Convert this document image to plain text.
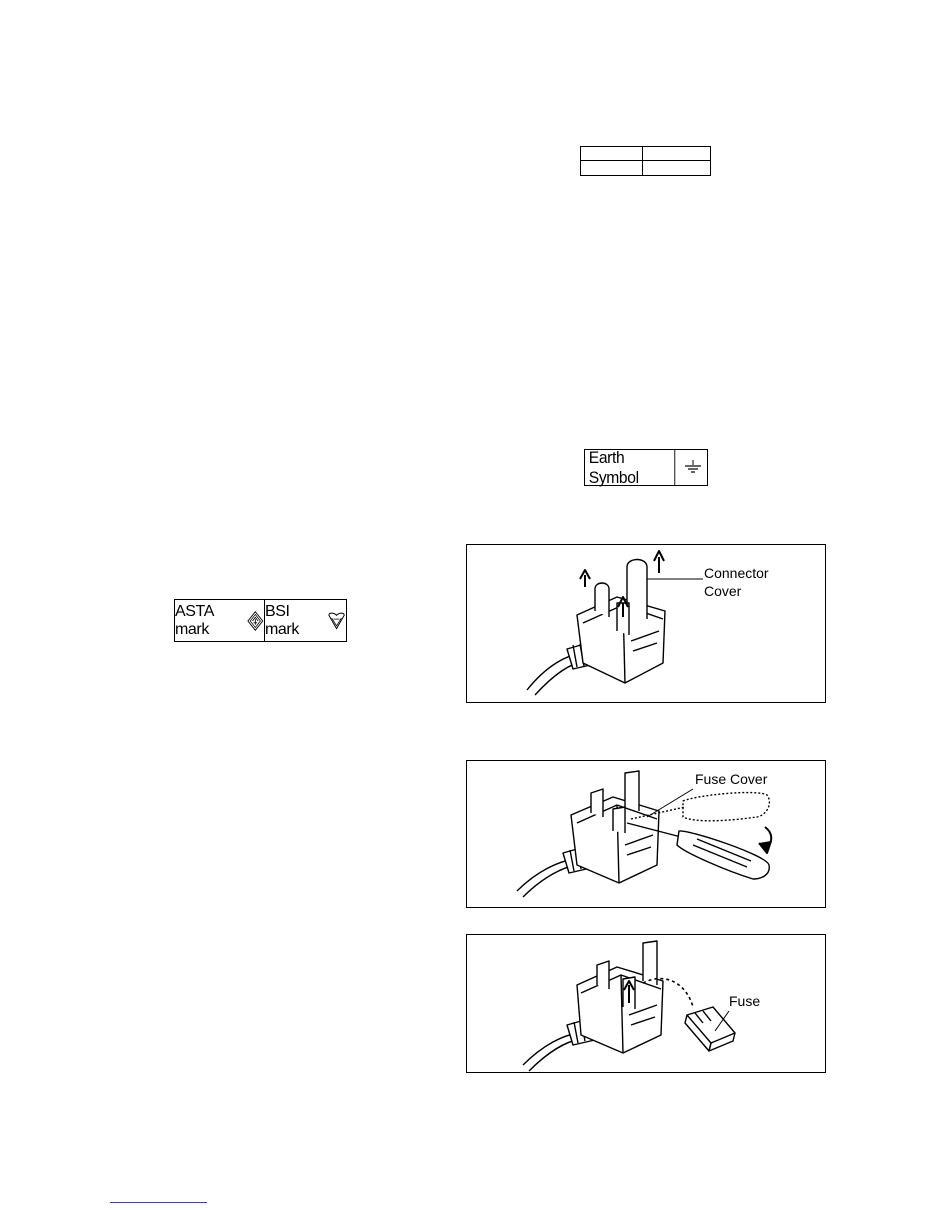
Earth Symbol
ASTA mark
BSI mark
Connector
Cover
Fuse Cover
Fuse
